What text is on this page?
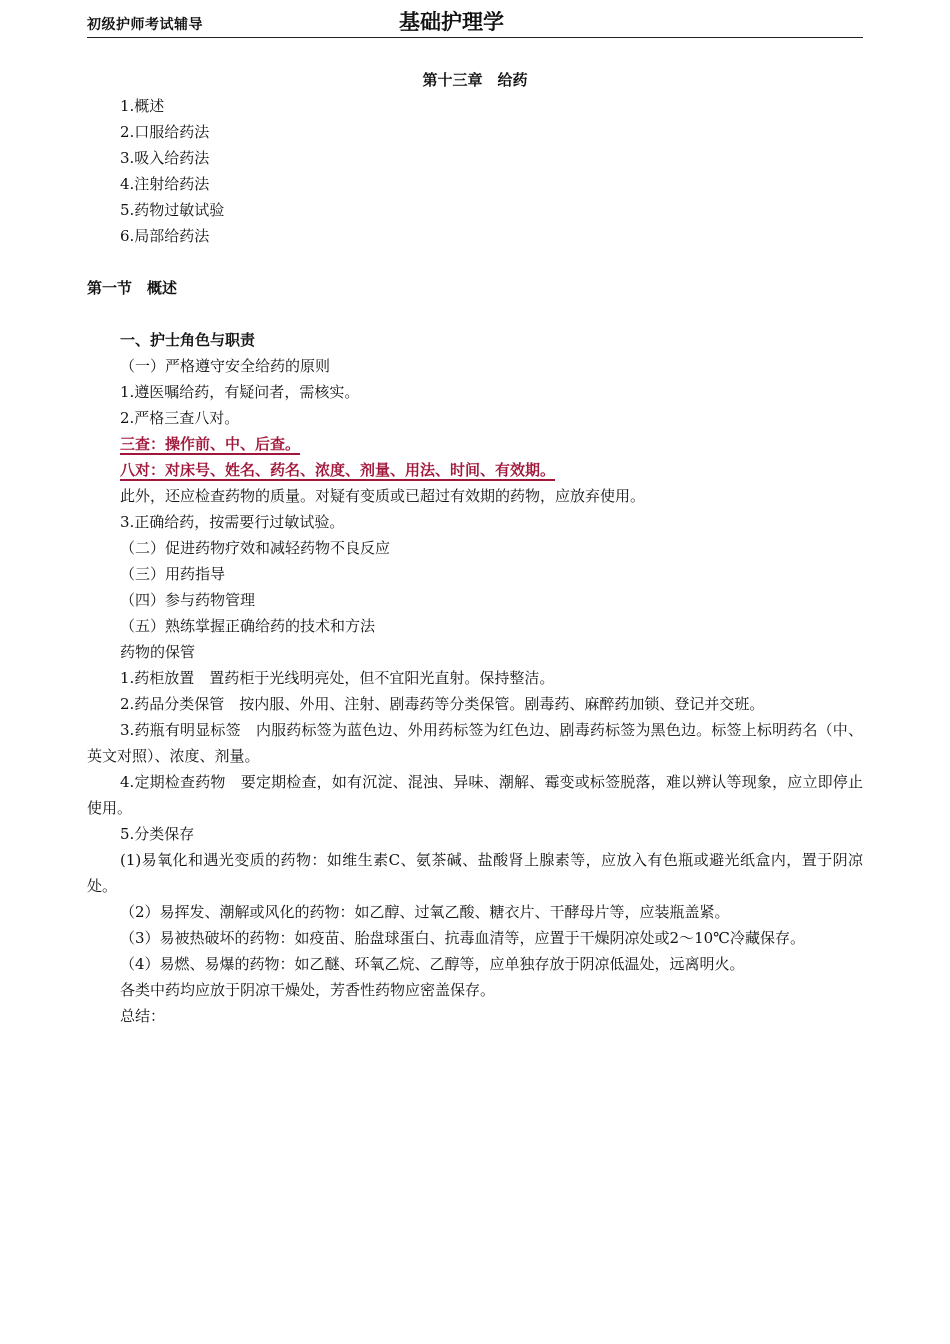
初级护师考试辅导	基础护理学
第十三章　给药
1.概述
2.口服给药法
3.吸入给药法
4.注射给药法
5.药物过敏试验
6.局部给药法
第一节　概述
一、护士角色与职责
（一）严格遵守安全给药的原则
1.遵医嘱给药，有疑问者，需核实。
2.严格三查八对。
三查：操作前、中、后查。
八对：对床号、姓名、药名、浓度、剂量、用法、时间、有效期。
此外，还应检查药物的质量。对疑有变质或已超过有效期的药物，应放弃使用。
3.正确给药，按需要行过敏试验。
（二）促进药物疗效和减轻药物不良反应
（三）用药指导
（四）参与药物管理
（五）熟练掌握正确给药的技术和方法
药物的保管
1.药柜放置　置药柜于光线明亮处，但不宜阳光直射。保持整洁。
2.药品分类保管　按内服、外用、注射、剧毒药等分类保管。剧毒药、麻醉药加锁、登记并交班。
3.药瓶有明显标签　内服药标签为蓝色边、外用药标签为红色边、剧毒药标签为黑色边。标签上标明药名（中、英文对照）、浓度、剂量。
4.定期检查药物　要定期检查，如有沉淀、混浊、异味、潮解、霉变或标签脱落，难以辨认等现象，应立即停止使用。
5.分类保存
(1)易氧化和遇光变质的药物：如维生素C、氨茶碱、盐酸肾上腺素等，应放入有色瓶或避光纸盒内，置于阴凉处。
（2）易挥发、潮解或风化的药物：如乙醇、过氧乙酸、糖衣片、干酵母片等，应装瓶盖紧。
（3）易被热破坏的药物：如疫苗、胎盘球蛋白、抗毒血清等，应置于干燥阴凉处或2～10℃冷藏保存。
（4）易燃、易爆的药物：如乙醚、环氧乙烷、乙醇等，应单独存放于阴凉低温处，远离明火。
各类中药均应放于阴凉干燥处，芳香性药物应密盖保存。
总结：
